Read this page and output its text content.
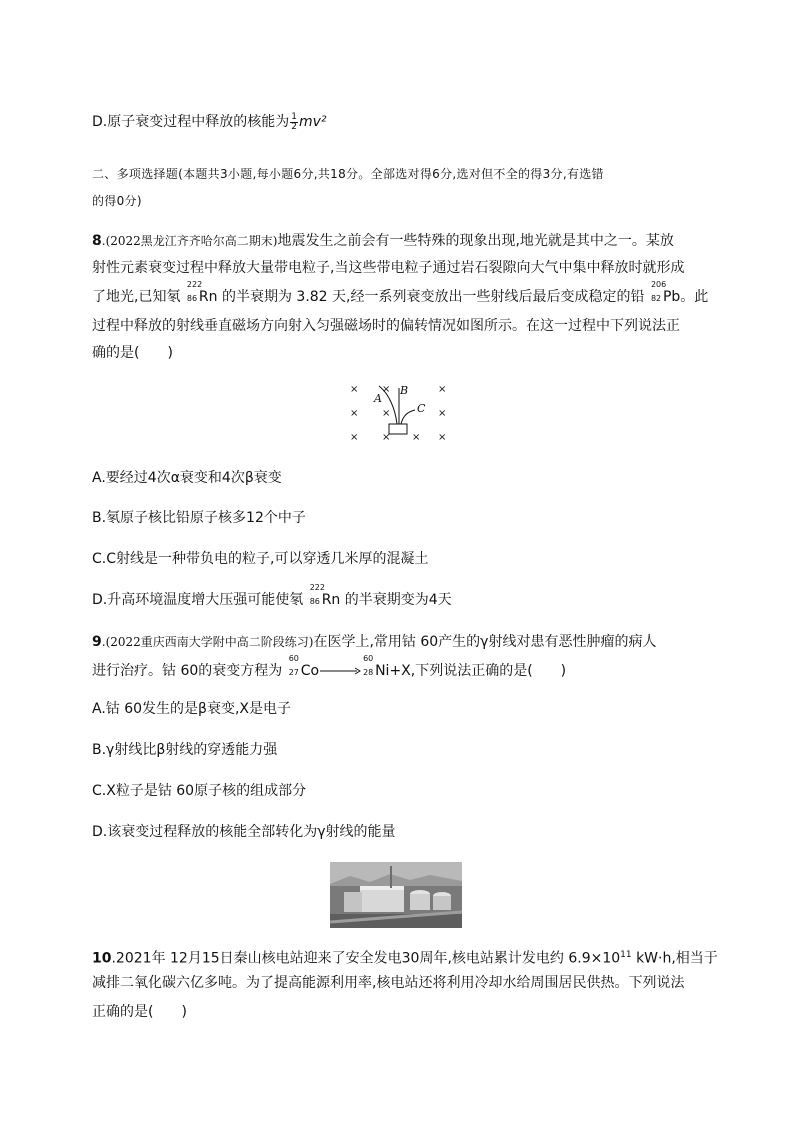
D.原子衰变过程中释放的核能为 $\frac{1}{2} mv^2$
二、多项选择题(本题共3小题,每小题6分,共18分。全部选对得6分,选对但不全的得3分,有选错
的得0分)
8.(2022黑龙江齐齐哈尔高二期末)地震发生之前会有一些特殊的现象出现,地光就是其中之一。某放
射性元素衰变过程中释放大量带电粒子,当这些带电粒子通过岩石裂隙向大气中集中释放时就形成
了地光,已知氡
222
86 Rn 的半衰期为 3.82 天,经一系列衰变放出一些射线后最后变成稳定的铅
206
82 Pb。此
过程中释放的射线垂直磁场方向射入匀强磁场时的偏转情况如图所示。在这一过程中下列说法正
确的是(　　)
× ×	×
× ×	×
× × × ×
A
B
C
A.要经过4次α衰变和4次β衰变
B.氡原子核比铅原子核多12个中子
C.C射线是一种带负电的粒子,可以穿透几米厚的混凝土
D.升高环境温度增大压强可能使氡
222
86 Rn 的半衰期变为4天
9.(2022重庆西南大学附中高二阶段练习)在医学上,常用钴 60产生的γ射线对患有恶性肿瘤的病人
进行治疗。钴 60的衰变方程为
60
27 Co→
60
28 Ni+X,下列说法正确的是(　　)
A.钴 60发生的是β衰变,X是电子
B.γ射线比β射线的穿透能力强
C.X粒子是钴 60原子核的组成部分
D.该衰变过程释放的核能全部转化为γ射线的能量
10.2021年 12月15日秦山核电站迎来了安全发电30周年,核电站累计发电约 $6.9\times 10^{11}$ kW·h,相当于
减排二氧化碳六亿多吨。为了提高能源利用率,核电站还将利用冷却水给周围居民供热。下列说法
正确的是(　　)
